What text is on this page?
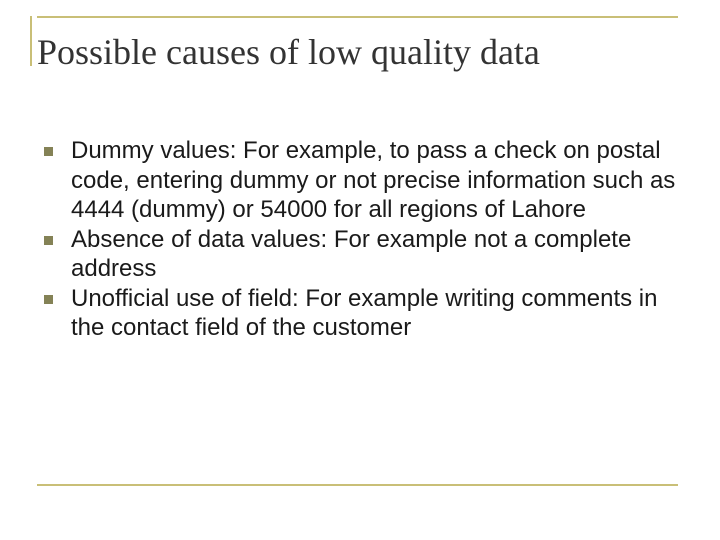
Possible causes of low quality data
Dummy values: For example, to pass a check on postal code, entering dummy or not precise information such as 4444 (dummy) or 54000 for all regions of Lahore
Absence of data values: For example not a complete address
Unofficial use of field: For example writing comments in the contact field of the customer
